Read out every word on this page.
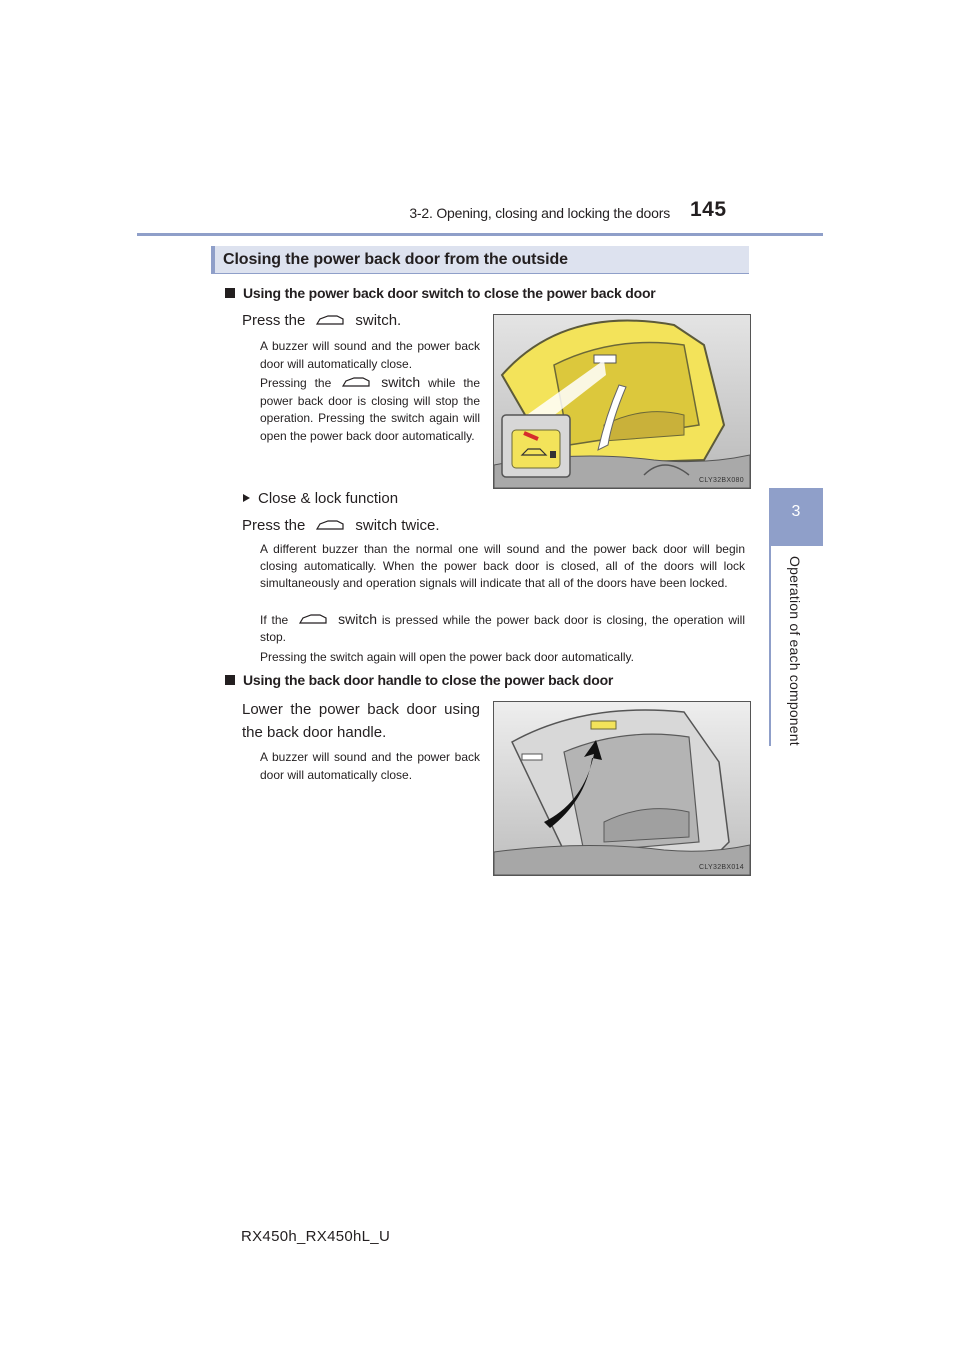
3-2. Opening, closing and locking the doors 145
3
Operation of each component
Closing the power back door from the outside
Using the power back door switch to close the power back door
Press the	switch.
A buzzer will sound and the power back door will automatically close.
Pressing the	switch while the power back door is closing will stop the operation. Pressing the switch again will open the power back door automatically.
CLY32BX080
Close & lock function
Press the	switch twice.
A different buzzer than the normal one will sound and the power back door will begin closing automatically. When the power back door is closed, all of the doors will lock simultaneously and operation signals will indicate that all of the doors have been locked.
If the	switch is pressed while the power back door is closing, the operation will stop.
Pressing the switch again will open the power back door automatically.
Using the back door handle to close the power back door
Lower the power back door using
the back door handle.
A buzzer will sound and the power back door will automatically close.
CLY32BX014
RX450h_RX450hL_U
